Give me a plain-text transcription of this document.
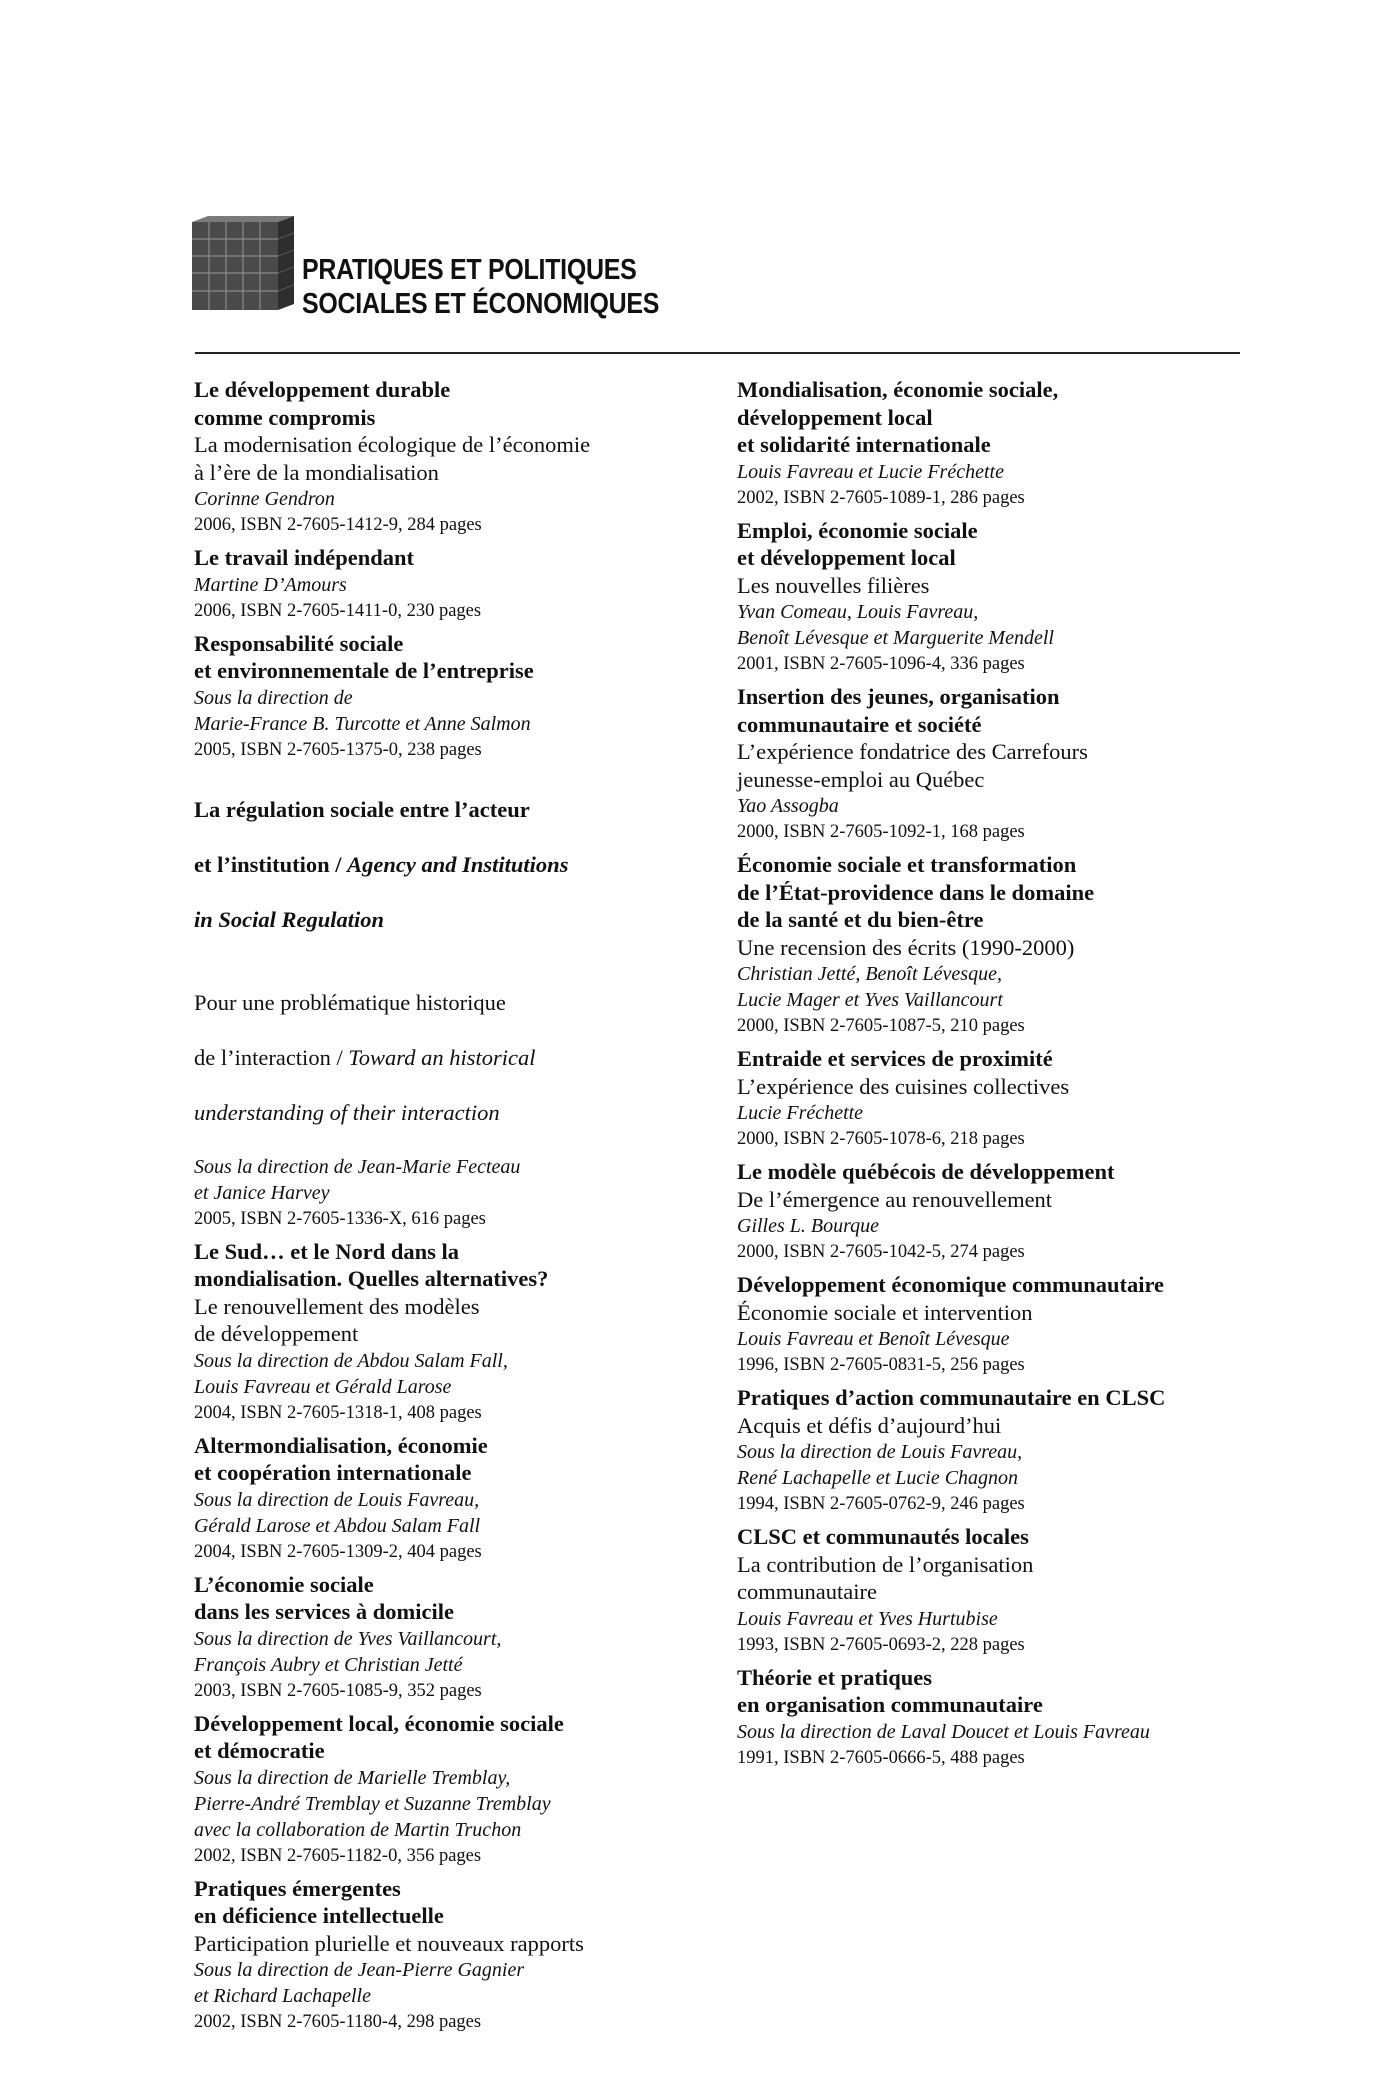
PRATIQUES ET POLITIQUES
SOCIALES ET ÉCONOMIQUES
Le développement durable
comme compromis
La modernisation écologique de l’économie
à l’ère de la mondialisation
Corinne Gendron
2006, ISBN 2-7605-1412-9, 284 pages
Le travail indépendant
Martine D’Amours
2006, ISBN 2-7605-1411-0, 230 pages
Responsabilité sociale
et environnementale de l’entreprise
Sous la direction de
Marie-France B. Turcotte et Anne Salmon
2005, ISBN 2-7605-1375-0, 238 pages

La régulation sociale entre l’acteur

et l’institution / Agency and Institutions

in Social Regulation

Pour une problématique historique

de l’interaction / Toward an historical

understanding of their interaction

Sous la direction de Jean-Marie Fecteau
et Janice Harvey
2005, ISBN 2-7605-1336-X, 616 pages
Le Sud… et le Nord dans la
mondialisation. Quelles alternatives?
Le renouvellement des modèles
de développement
Sous la direction de Abdou Salam Fall,
Louis Favreau et Gérald Larose
2004, ISBN 2-7605-1318-1, 408 pages
Altermondialisation, économie
et coopération internationale
Sous la direction de Louis Favreau,
Gérald Larose et Abdou Salam Fall
2004, ISBN 2-7605-1309-2, 404 pages
L’économie sociale
dans les services à domicile
Sous la direction de Yves Vaillancourt,
François Aubry et Christian Jetté
2003, ISBN 2-7605-1085-9, 352 pages
Développement local, économie sociale
et démocratie
Sous la direction de Marielle Tremblay,
Pierre-André Tremblay et Suzanne Tremblay
avec la collaboration de Martin Truchon
2002, ISBN 2-7605-1182-0, 356 pages
Pratiques émergentes
en déficience intellectuelle
Participation plurielle et nouveaux rapports
Sous la direction de Jean-Pierre Gagnier
et Richard Lachapelle
2002, ISBN 2-7605-1180-4, 298 pages
Mondialisation, économie sociale,
développement local
et solidarité internationale
Louis Favreau et Lucie Fréchette
2002, ISBN 2-7605-1089-1, 286 pages
Emploi, économie sociale
et développement local
Les nouvelles filières
Yvan Comeau, Louis Favreau,
Benoît Lévesque et Marguerite Mendell
2001, ISBN 2-7605-1096-4, 336 pages
Insertion des jeunes, organisation
communautaire et société
L’expérience fondatrice des Carrefours
jeunesse-emploi au Québec
Yao Assogba
2000, ISBN 2-7605-1092-1, 168 pages
Économie sociale et transformation
de l’État-providence dans le domaine
de la santé et du bien-être
Une recension des écrits (1990-2000)
Christian Jetté, Benoît Lévesque,
Lucie Mager et Yves Vaillancourt
2000, ISBN 2-7605-1087-5, 210 pages
Entraide et services de proximité
L’expérience des cuisines collectives
Lucie Fréchette
2000, ISBN 2-7605-1078-6, 218 pages
Le modèle québécois de développement
De l’émergence au renouvellement
Gilles L. Bourque
2000, ISBN 2-7605-1042-5, 274 pages
Développement économique communautaire
Économie sociale et intervention
Louis Favreau et Benoît Lévesque
1996, ISBN 2-7605-0831-5, 256 pages
Pratiques d’action communautaire en CLSC
Acquis et défis d’aujourd’hui
Sous la direction de Louis Favreau,
René Lachapelle et Lucie Chagnon
1994, ISBN 2-7605-0762-9, 246 pages
CLSC et communautés locales
La contribution de l’organisation
communautaire
Louis Favreau et Yves Hurtubise
1993, ISBN 2-7605-0693-2, 228 pages
Théorie et pratiques
en organisation communautaire
Sous la direction de Laval Doucet et Louis Favreau
1991, ISBN 2-7605-0666-5, 488 pages
